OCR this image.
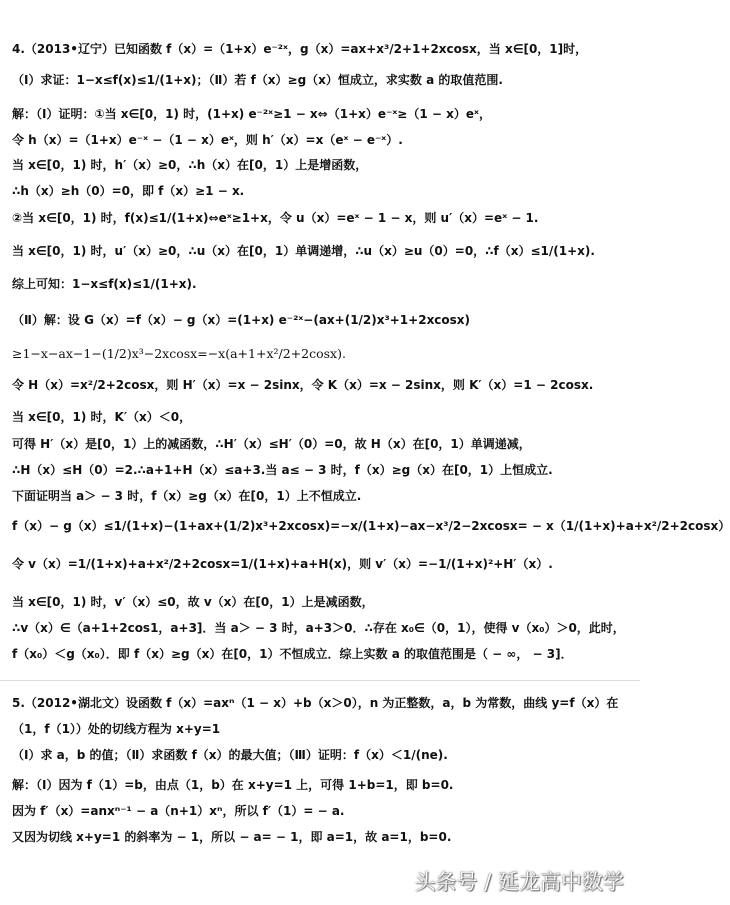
4.（2013•辽宁）已知函数 f（x）=（1+x）e⁻²ˣ，g（x）=ax+x³/2+1+2xcosx，当 x∈[0，1]时，
（Ⅰ）求证：1−x≤f(x)≤1/(1+x)；（Ⅱ）若 f（x）≥g（x）恒成立，求实数 a 的取值范围.
解：（Ⅰ）证明：①当 x∈[0，1) 时，(1+x) e⁻²ˣ≥1 − x⇔（1+x）e⁻ˣ≥（1 − x）eˣ，
令 h（x）=（1+x）e⁻ˣ −（1 − x）eˣ，则 h′（x）=x（eˣ − e⁻ˣ）.
当 x∈[0，1) 时，h′（x）≥0，∴h（x）在[0，1）上是增函数，
∴h（x）≥h（0）=0，即 f（x）≥1 − x.
②当 x∈[0，1) 时，f(x)≤1/(1+x)⇔eˣ≥1+x，令 u（x）=eˣ − 1 − x，则 u′（x）=eˣ − 1.
当 x∈[0，1) 时，u′（x）≥0，∴u（x）在[0，1）单调递增，∴u（x）≥u（0）=0，∴f（x）≤1/(1+x).
综上可知：1−x≤f(x)≤1/(1+x).
（Ⅱ）解：设 G（x）=f（x）− g（x）=(1+x) e⁻²ˣ−(ax+(1/2)x³+1+2xcosx)
≥1−x−ax−1−(1/2)x³−2xcosx=−x(a+1+x²/2+2cosx).
令 H（x）=x²/2+2cosx，则 H′（x）=x − 2sinx，令 K（x）=x − 2sinx，则 K′（x）=1 − 2cosx.
当 x∈[0，1) 时，K′（x）＜0，
可得 H′（x）是[0，1）上的减函数，∴H′（x）≤H′（0）=0，故 H（x）在[0，1）单调递减，
∴H（x）≤H（0）=2.∴a+1+H（x）≤a+3.当 a≤ − 3 时，f（x）≥g（x）在[0，1）上恒成立.
下面证明当 a＞ − 3 时，f（x）≥g（x）在[0，1）上不恒成立.
f（x）− g（x）≤1/(1+x)−(1+ax+(1/2)x³+2xcosx)=−x/(1+x)−ax−x³/2−2xcosx= − x（1/(1+x)+a+x²/2+2cosx）
令 v（x）=1/(1+x)+a+x²/2+2cosx=1/(1+x)+a+H(x)，则 v′（x）=−1/(1+x)²+H′（x）.
当 x∈[0，1) 时，v′（x）≤0，故 v（x）在[0，1）上是减函数，
∴v（x）∈（a+1+2cos1，a+3]．当 a＞ − 3 时，a+3＞0．∴存在 x₀∈（0，1），使得 v（x₀）＞0，此时，
f（x₀）＜g（x₀）．即 f（x）≥g（x）在[0，1）不恒成立．综上实数 a 的取值范围是（ − ∞， − 3]．
5.（2012•湖北文）设函数 f（x）=axⁿ（1 − x）+b（x＞0），n 为正整数，a，b 为常数，曲线 y=f（x）在
（1，f（1））处的切线方程为 x+y=1
（Ⅰ）求 a，b 的值；（Ⅱ）求函数 f（x）的最大值；（Ⅲ）证明：f（x）＜1/(ne).
解：（Ⅰ）因为 f（1）=b，由点（1，b）在 x+y=1 上，可得 1+b=1，即 b=0.
因为 f′（x）=anxⁿ⁻¹ − a（n+1）xⁿ，所以 f′（1）= − a.
又因为切线 x+y=1 的斜率为 − 1，所以 − a= − 1，即 a=1，故 a=1，b=0.
头条号 / 延龙高中数学
